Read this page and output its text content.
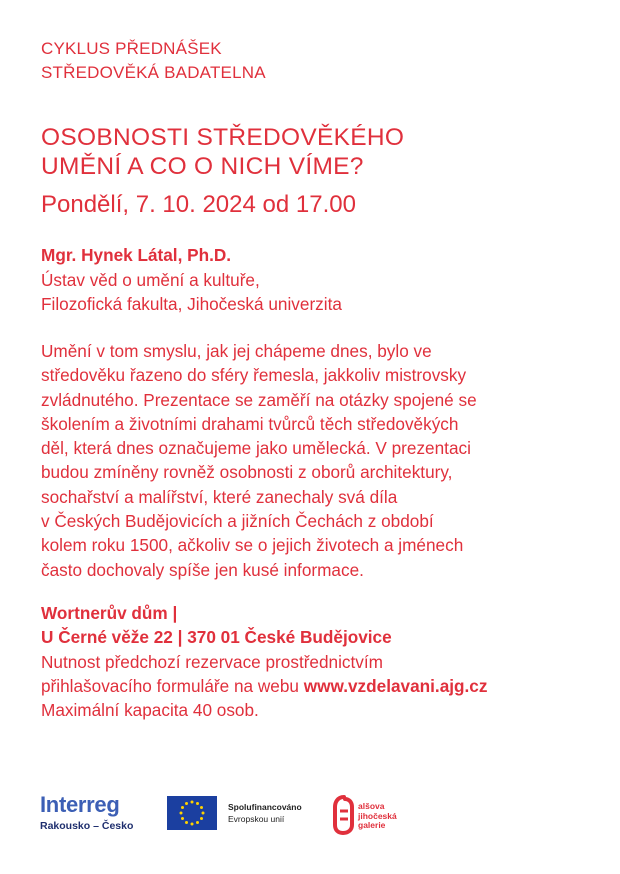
CYKLUS PŘEDNÁŠEK
STŘEDOVĚKÁ BADATELNA
OSOBNOSTI STŘEDOVĚKÉHO
UMĚNÍ A CO O NICH VÍME?
Pondělí, 7. 10. 2024 od 17.00
Mgr. Hynek Látal, Ph.D.
Ústav věd o umění a kultuře,
Filozofická fakulta, Jihočeská univerzita
Umění v tom smyslu, jak jej chápeme dnes, bylo ve
středověku řazeno do sféry řemesla, jakkoliv mistrovsky
zvládnutého. Prezentace se zaměří na otázky spojené se
školením a životními drahami tvůrců těch středověkých
děl, která dnes označujeme jako umělecká. V prezentaci
budou zmíněny rovněž osobnosti z oborů architektury,
sochařství a malířství, které zanechaly svá díla
v Českých Budějovicích a jižních Čechách z období
kolem roku 1500, ačkoliv se o jejich životech a jménech
často dochovaly spíše jen kusé informace.
Wortnerův dům |
U Černé věže 22 | 370 01 České Budějovice
Nutnost předchozí rezervace prostřednictvím
přihlašovacího formuláře na webu www.vzdelavani.ajg.cz
Maximální kapacita 40 osob.
Interreg
Rakousko – Česko
Spolufinancováno
Evropskou unií
alšova
jihočeská
galerie
